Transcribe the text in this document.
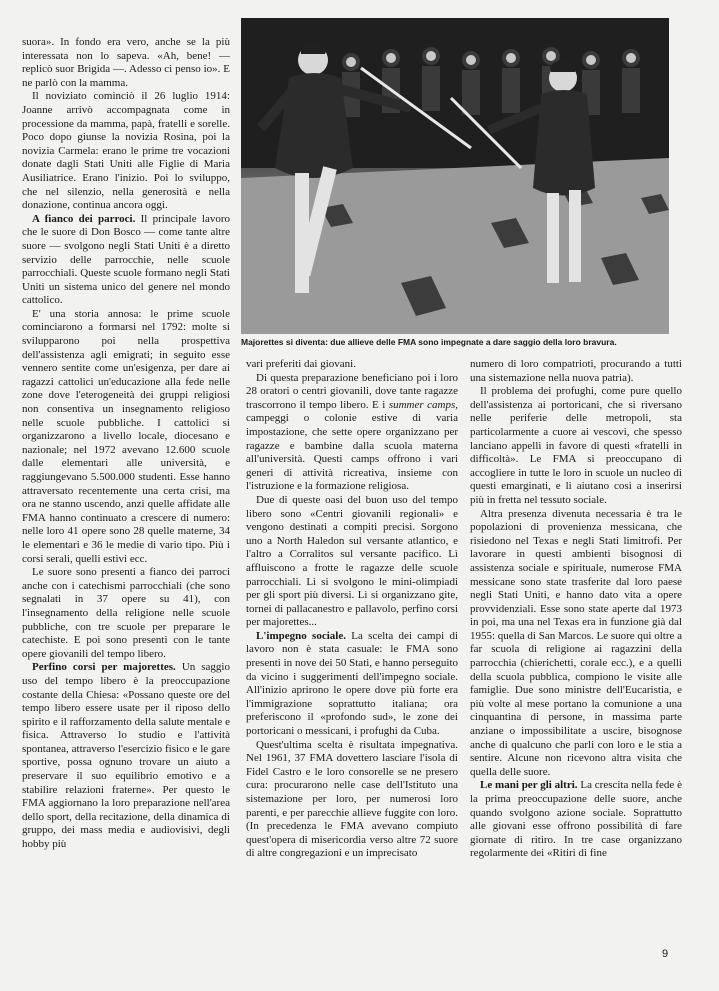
Majorettes si diventa: due allieve delle FMA sono impegnate a dare saggio della loro bravura.

suora». In fondo era vero, anche se la più interessata non lo sapeva. «Ah, bene! — replicò suor Brigida —. Adesso ci penso io». E ne parlò con la mamma.

Il noviziato cominciò il 26 luglio 1914: Joanne arrivò accompagnata come in processione da mamma, papà, fratelli e sorelle. Poco dopo giunse la novizia Rosina, poi la novizia Carmela: erano le prime tre vocazioni donate dagli Stati Uniti alle Figlie di Maria Ausiliatrice. Erano l'inizio. Poi lo sviluppo, che nel silenzio, nella generosità e nella donazione, continua ancora oggi.

A fianco dei parroci. Il principale lavoro che le suore di Don Bosco — come tante altre suore — svolgono negli Stati Uniti è a diretto servizio delle parrocchie, nelle scuole parrocchiali. Queste scuole formano negli Stati Uniti un sistema unico del genere nel mondo cattolico.

E' una storia annosa: le prime scuole cominciarono a formarsi nel 1792: molte si svilupparono poi nella prospettiva dell'assistenza agli emigrati; in seguito esse vennero sentite come un'esigenza, per dare ai ragazzi cattolici un'educazione alla fede nelle zone dove l'eterogeneità dei gruppi religiosi non consentiva un insegnamento religioso nelle scuole pubbliche. I cattolici si organizzarono a livello locale, diocesano e nazionale; nel 1972 avevano 12.600 scuole dalle elementari alle università, e raggiungevano 5.500.000 studenti. Esse hanno attraversato recentemente una certa crisi, ma ora ne stanno uscendo, anzi quelle affidate alle FMA hanno continuato a crescere di numero: nelle loro 41 opere sono 28 quelle materne, 34 le elementari e 36 le medie di vario tipo. Più i corsi serali, quelli estivi ecc.

Le suore sono presenti a fianco dei parroci anche con i catechismi parrocchiali (che sono segnalati in 37 opere su 41), con l'insegnamento della religione nelle scuole pubbliche, con tre scuole per preparare le catechiste. E poi sono presenti con le tante opere giovanili del tempo libero.

Perfino corsi per majorettes. Un saggio uso del tempo libero è la preoccupazione costante della Chiesa: «Possano queste ore del tempo libero essere usate per il riposo dello spirito e il rafforzamento della salute mentale e fisica. Attraverso lo studio e l'attività spontanea, attraverso l'esercizio fisico e le gare sportive, possa ognuno trovare un aiuto a preservare il suo equilibrio emotivo e a stabilire relazioni fraterne». Per questo le FMA aggiornano la loro preparazione nell'area dello sport, della recitazione, della dinamica di gruppo, dei mass media e audiovisivi, degli hobby più

vari preferiti dai giovani.

Di questa preparazione beneficiano poi i loro 28 oratori o centri giovanili, dove tante ragazze trascorrono il tempo libero. E i summer camps, campeggi o colonie estive di varia impostazione, che sette opere organizzano per ragazze e bambine dalla scuola materna all'università. Questi camps offrono i vari generi di attività ricreativa, insieme con l'istruzione e la formazione religiosa.

Due di queste oasi del buon uso del tempo libero sono «Centri giovanili regionali» e vengono destinati a compiti precisi. Sorgono uno a North Haledon sul versante atlantico, e l'altro a Corralitos sul versante pacifico. Lì affluiscono a frotte le ragazze delle scuole parrocchiali. Lì si svolgono le mini-olimpiadi per gli sport più diversi. Lì si organizzano gite, tornei di pallacanestro e pallavolo, perfino corsi per majorettes...

L'impegno sociale. La scelta dei campi di lavoro non è stata casuale: le FMA sono presenti in nove dei 50 Stati, e hanno perseguito da vicino i suggerimenti dell'impegno sociale. All'inizio aprirono le opere dove più forte era l'immigrazione soprattutto italiana; ora preferiscono il «profondo sud», le zone dei portoricani o messicani, i profughi da Cuba.

Quest'ultima scelta è risultata impegnativa. Nel 1961, 37 FMA dovettero lasciare l'isola di Fidel Castro e le loro consorelle se ne presero cura: procurarono nelle case dell'Istituto una sistemazione per loro, per numerosi loro parenti, e per parecchie allieve fuggite con loro. (In precedenza le FMA avevano compiuto quest'opera di misericordia verso altre 72 suore di altre congregazioni e un imprecisato

numero di loro compatrioti, procurando a tutti una sistemazione nella nuova patria).

Il problema dei profughi, come pure quello dell'assistenza ai portoricani, che si riversano nelle periferie delle metropoli, sta particolarmente a cuore ai vescovi, che spesso lanciano appelli in favore di questi «fratelli in difficoltà». Le FMA si preoccupano di accogliere in tutte le loro in scuole un nucleo di questi emarginati, e li aiutano così a inserirsi più in fretta nel tessuto sociale.

Altra presenza divenuta necessaria è tra le popolazioni di provenienza messicana, che risiedono nel Texas e negli Stati limitrofi. Per lavorare in questi ambienti bisognosi di assistenza sociale e spirituale, numerose FMA messicane sono state trasferite dal loro paese negli Stati Uniti, e hanno dato vita a opere provvidenziali. Esse sono state aperte dal 1973 in poi, ma una nel Texas era in funzione già dal 1955: quella di San Marcos. Le suore qui oltre a far scuola di religione ai ragazzini della parrocchia (chierichetti, corale ecc.), e a quelli della scuola pubblica, compiono le visite alle famiglie. Due sono ministre dell'Eucaristia, e più volte al mese portano la comunione a una cinquantina di persone, in massima parte anziane o impossibilitate a uscire, bisognose anche di qualcuno che parli con loro e le stia a sentire. Alcune non ricevono altra visita che quella delle suore.

Le mani per gli altri. La crescita nella fede è la prima preoccupazione delle suore, anche quando svolgono azione sociale. Soprattutto alle giovani esse offrono possibilità di fare giornate di ritiro. In tre case organizzano regolarmente dei «Ritiri di fine

9
